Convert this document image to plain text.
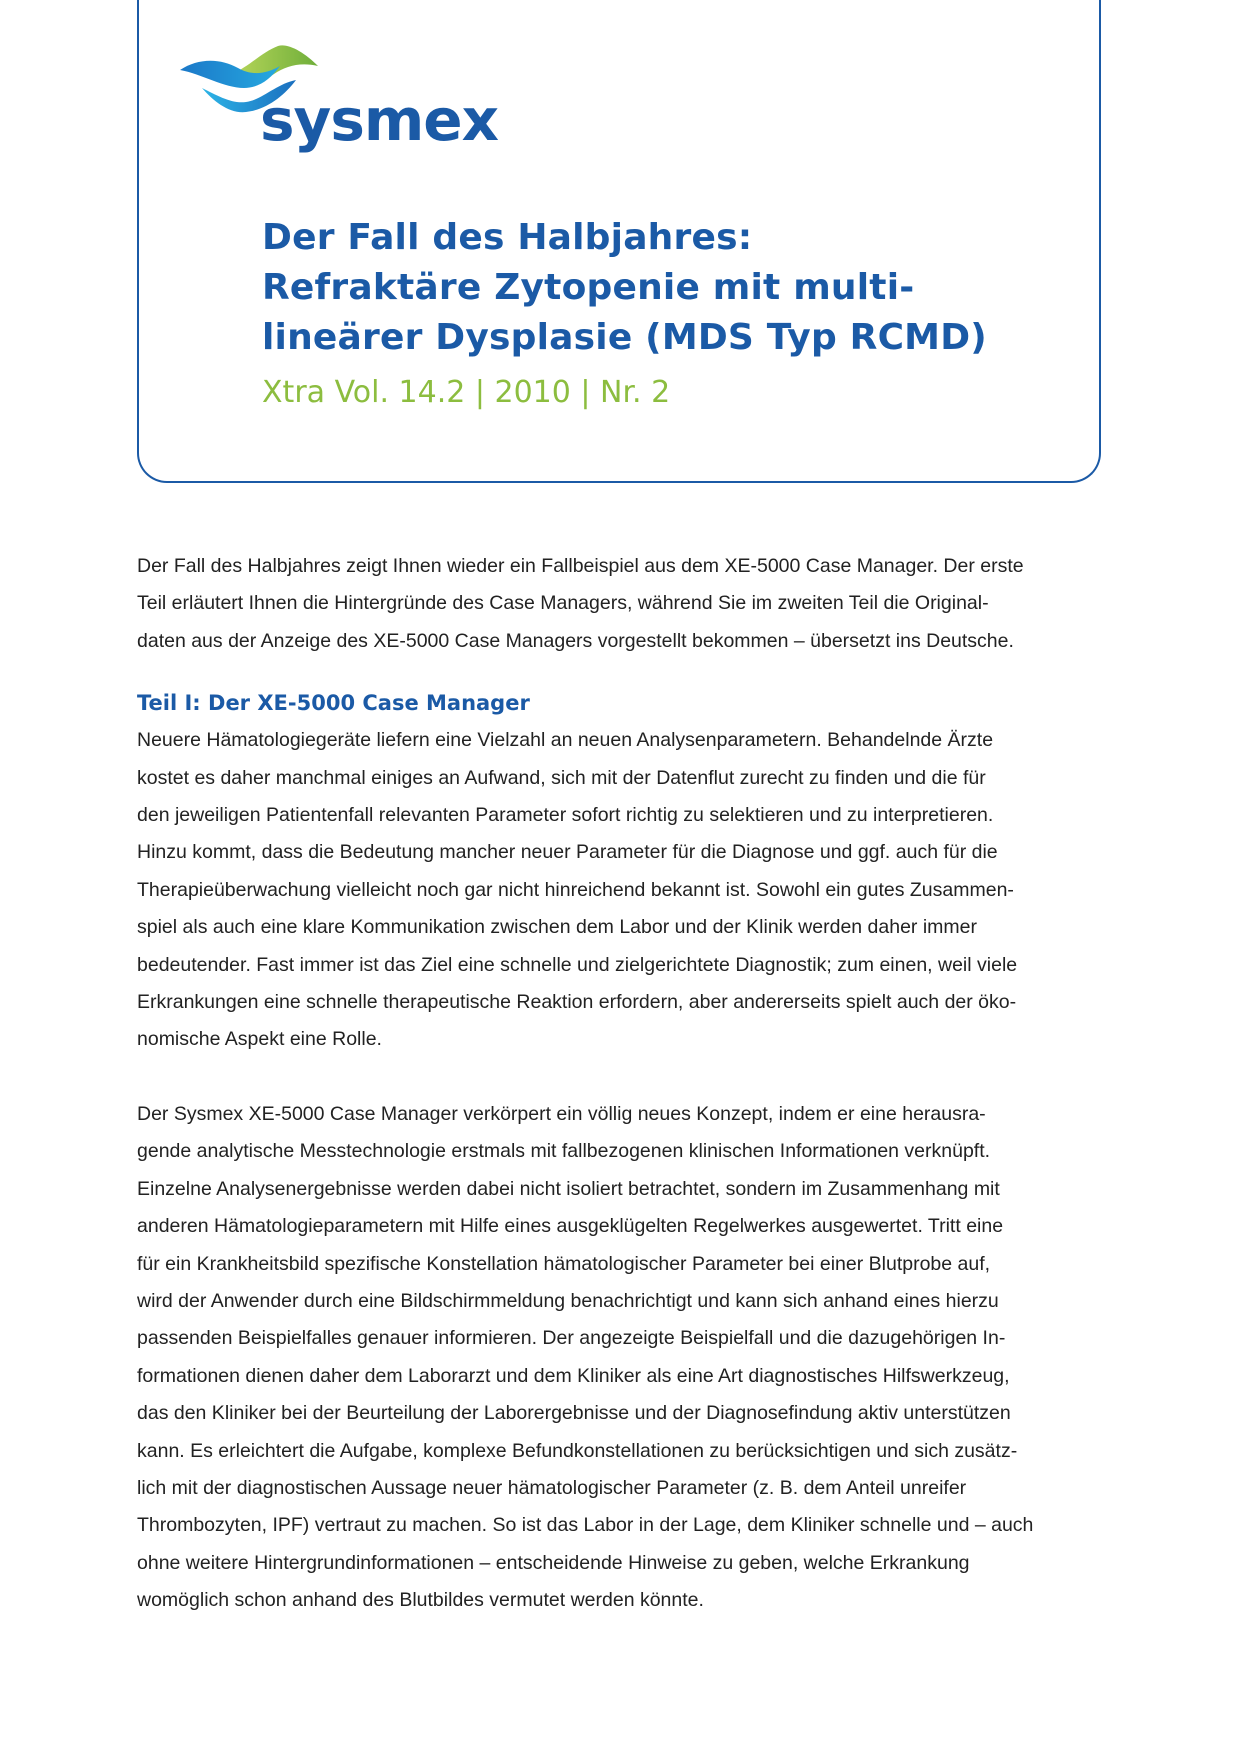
sysmex
Der Fall des Halbjahres:
Refraktäre Zytopenie mit multi-
lineärer Dysplasie (MDS Typ RCMD)
Xtra Vol. 14.2 | 2010 | Nr. 2

Der Fall des Halbjahres zeigt Ihnen wieder ein Fallbeispiel aus dem XE-5000 Case Manager. Der erste
Teil erläutert Ihnen die Hintergründe des Case Managers, während Sie im zweiten Teil die Original-
daten aus der Anzeige des XE-5000 Case Managers vorgestellt bekommen – übersetzt ins Deutsche.

Teil I: Der XE-5000 Case Manager

Neuere Hämatologiegeräte liefern eine Vielzahl an neuen Analysenparametern. Behandelnde Ärzte
kostet es daher manchmal einiges an Aufwand, sich mit der Datenflut zurecht zu finden und die für
den jeweiligen Patientenfall relevanten Parameter sofort richtig zu selektieren und zu interpretieren.
Hinzu kommt, dass die Bedeutung mancher neuer Parameter für die Diagnose und ggf. auch für die
Therapieüberwachung vielleicht noch gar nicht hinreichend bekannt ist. Sowohl ein gutes Zusammen-
spiel als auch eine klare Kommunikation zwischen dem Labor und der Klinik werden daher immer
bedeutender. Fast immer ist das Ziel eine schnelle und zielgerichtete Diagnostik; zum einen, weil viele
Erkrankungen eine schnelle therapeutische Reaktion erfordern, aber andererseits spielt auch der öko-
nomische Aspekt eine Rolle.

Der Sysmex XE-5000 Case Manager verkörpert ein völlig neues Konzept, indem er eine herausra-
gende analytische Messtechnologie erstmals mit fallbezogenen klinischen Informationen verknüpft.
Einzelne Analysenergebnisse werden dabei nicht isoliert betrachtet, sondern im Zusammenhang mit
anderen Hämatologieparametern mit Hilfe eines ausgeklügelten Regelwerkes ausgewertet. Tritt eine
für ein Krankheitsbild spezifische Konstellation hämatologischer Parameter bei einer Blutprobe auf,
wird der Anwender durch eine Bildschirmmeldung benachrichtigt und kann sich anhand eines hierzu
passenden Beispielfalles genauer informieren. Der angezeigte Beispielfall und die dazugehörigen In-
formationen dienen daher dem Laborarzt und dem Kliniker als eine Art diagnostisches Hilfswerkzeug,
das den Kliniker bei der Beurteilung der Laborergebnisse und der Diagnosefindung aktiv unterstützen
kann. Es erleichtert die Aufgabe, komplexe Befundkonstellationen zu berücksichtigen und sich zusätz-
lich mit der diagnostischen Aussage neuer hämatologischer Parameter (z. B. dem Anteil unreifer
Thrombozyten, IPF) vertraut zu machen. So ist das Labor in der Lage, dem Kliniker schnelle und – auch
ohne weitere Hintergrundinformationen – entscheidende Hinweise zu geben, welche Erkrankung
womöglich schon anhand des Blutbildes vermutet werden könnte.
